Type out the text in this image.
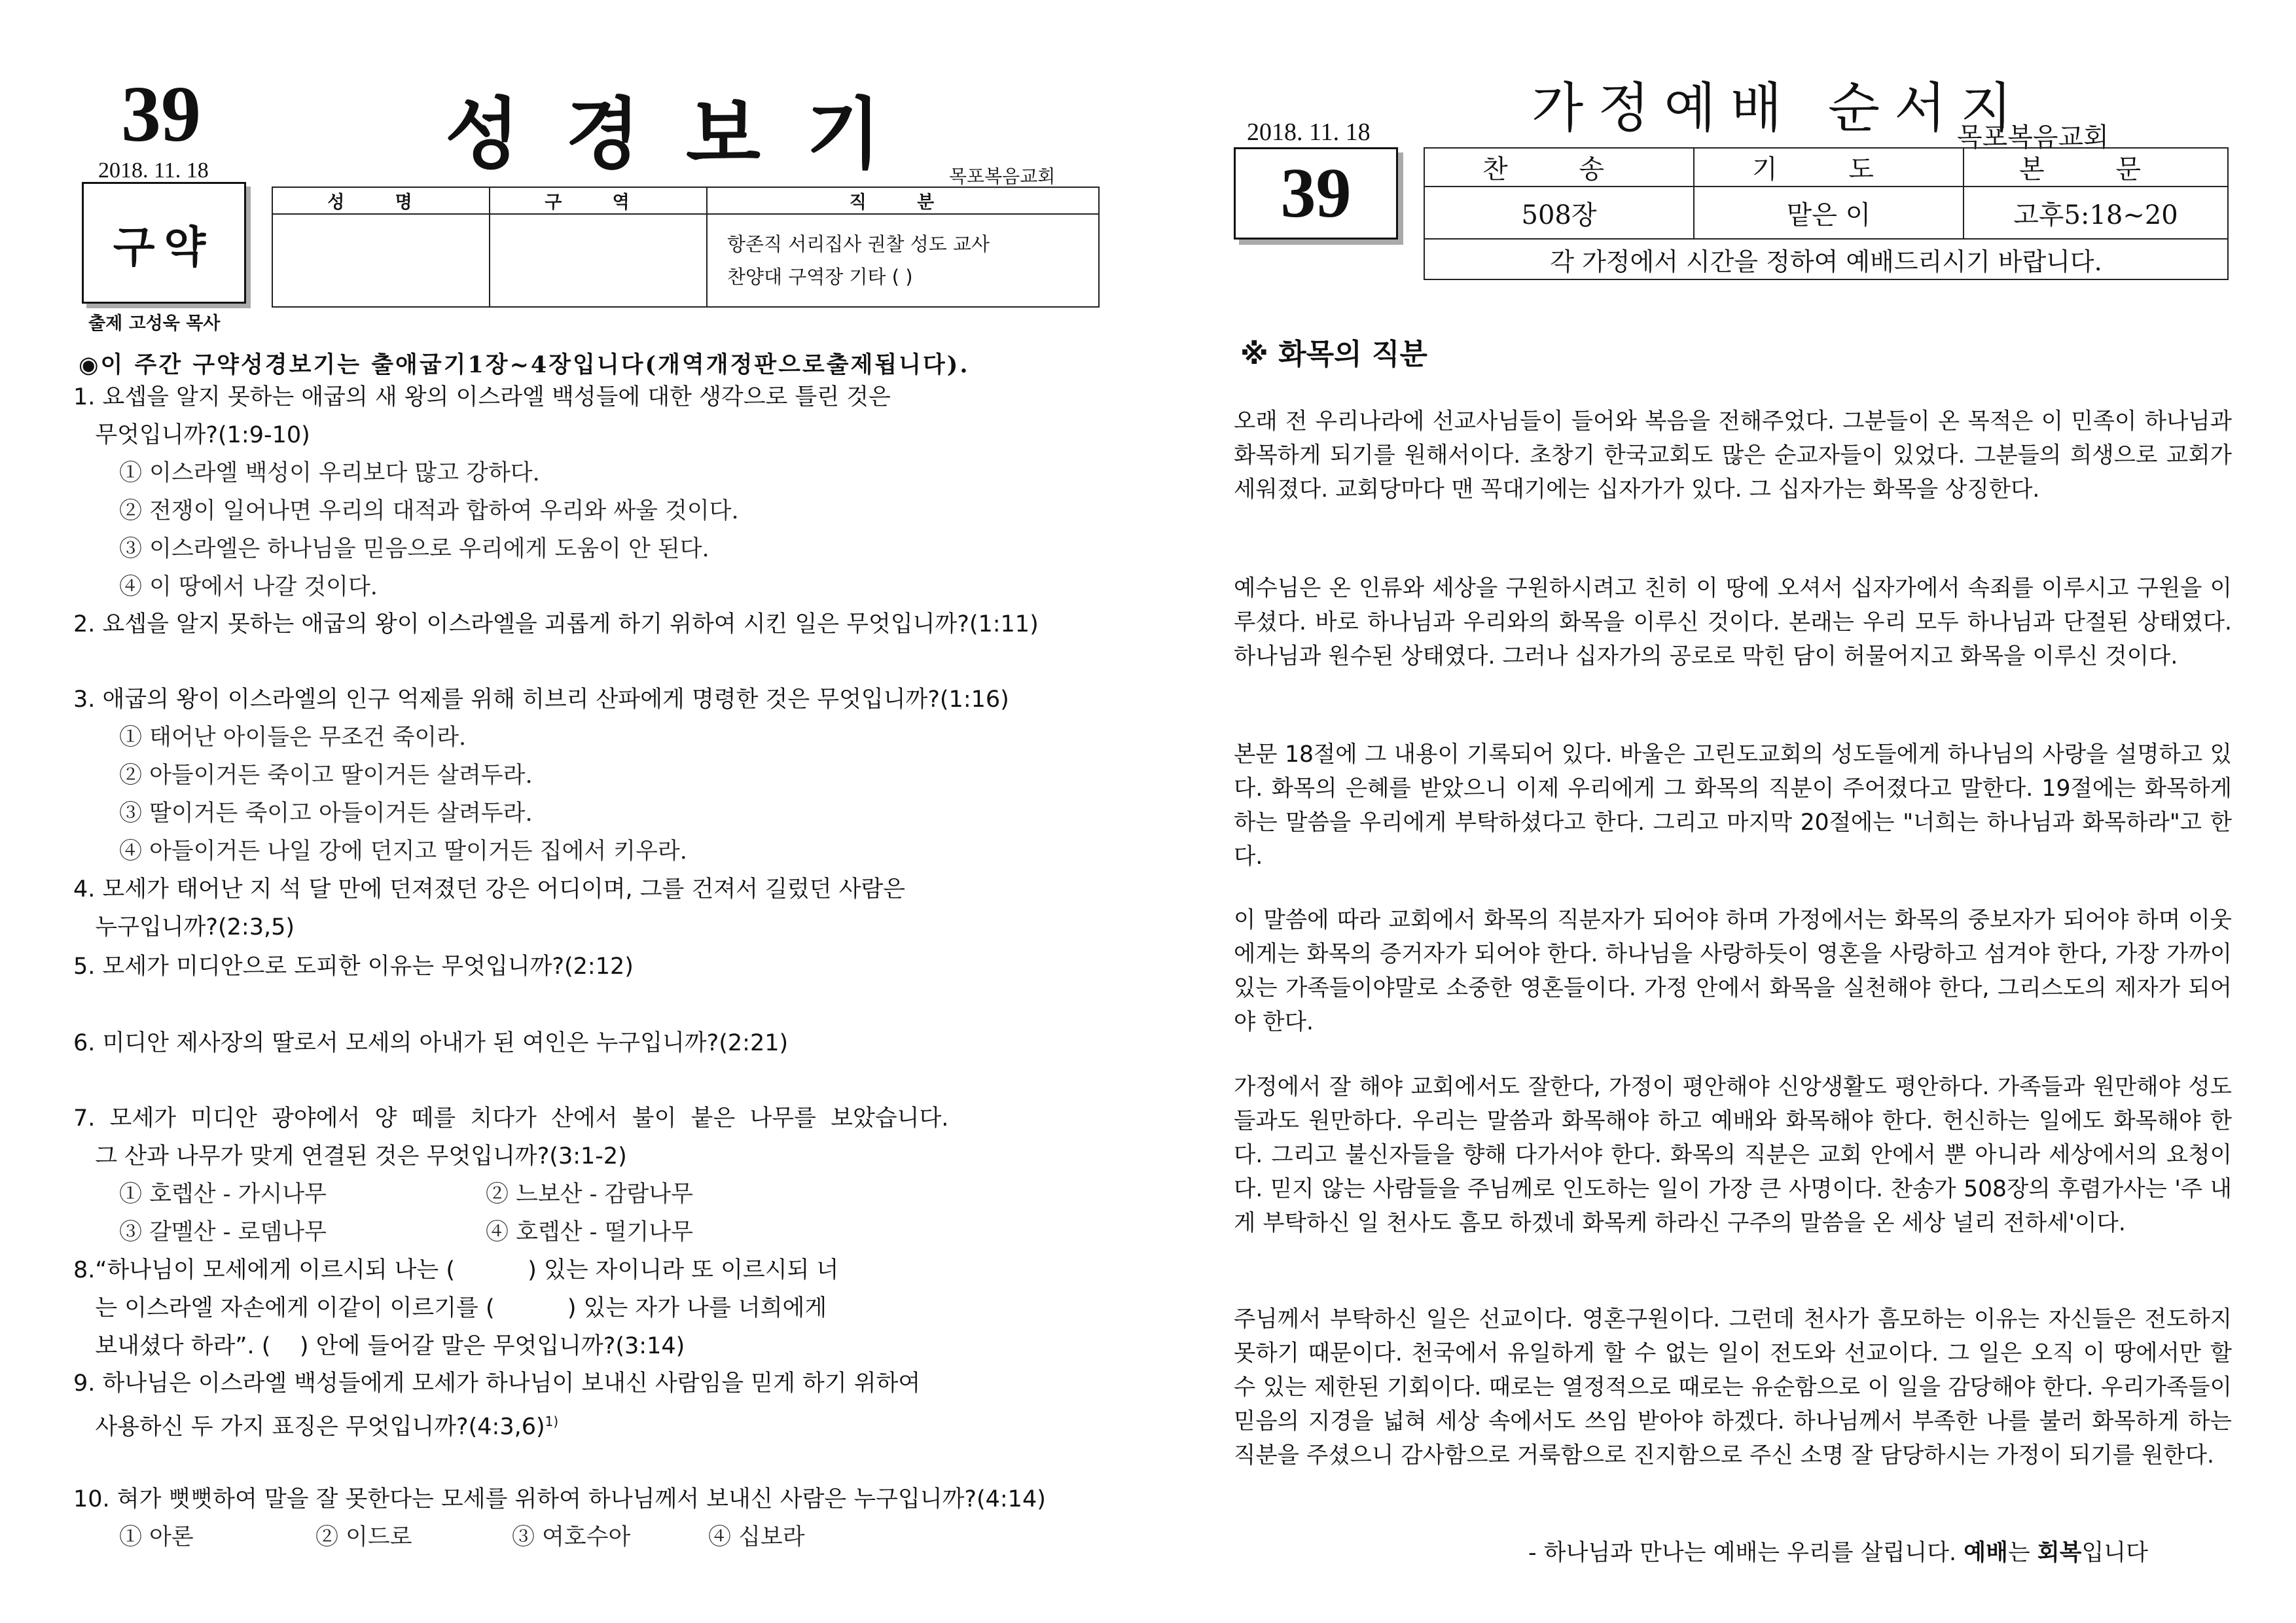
39	성경보기
2018. 11. 18	목포복음교회
구약
출제 고성욱 목사
성 명	구 역	직 분

		항존직 서리집사 권찰 성도 교사
찬양대 구역장 기타 ( )
◉이 주간 구약성경보기는 출애굽기1장~4장입니다(개역개정판으로출제됩니다).
1. 요셉을 알지 못하는 애굽의 새 왕의 이스라엘 백성들에 대한 생각으로 틀린 것은
무엇입니까?(1:9-10)
① 이스라엘 백성이 우리보다 많고 강하다.
② 전쟁이 일어나면 우리의 대적과 합하여 우리와 싸울 것이다.
③ 이스라엘은 하나님을 믿음으로 우리에게 도움이 안 된다.
④ 이 땅에서 나갈 것이다.
2. 요셉을 알지 못하는 애굽의 왕이 이스라엘을 괴롭게 하기 위하여 시킨 일은 무엇입니까?(1:11)
3. 애굽의 왕이 이스라엘의 인구 억제를 위해 히브리 산파에게 명령한 것은 무엇입니까?(1:16)
① 태어난 아이들은 무조건 죽이라.
② 아들이거든 죽이고 딸이거든 살려두라.
③ 딸이거든 죽이고 아들이거든 살려두라.
④ 아들이거든 나일 강에 던지고 딸이거든 집에서 키우라.
4. 모세가 태어난 지 석 달 만에 던져졌던 강은 어디이며, 그를 건져서 길렀던 사람은
누구입니까?(2:3,5)
5. 모세가 미디안으로 도피한 이유는 무엇입니까?(2:12)
6. 미디안 제사장의 딸로서 모세의 아내가 된 여인은 누구입니까?(2:21)
7.  모세가  미디안  광야에서  양  떼를  치다가  산에서  불이  붙은  나무를  보았습니다.
그 산과 나무가 맞게 연결된 것은 무엇입니까?(3:1-2)
① 호렙산 - 가시나무	② 느보산 - 감람나무
③ 갈멜산 - 로뎀나무	④ 호렙산 - 떨기나무
8.“하나님이 모세에게 이르시되 나는 (          ) 있는 자이니라 또 이르시되 너
는 이스라엘 자손에게 이같이 이르기를 (          ) 있는 자가 나를 너희에게
보내셨다 하라”. (    ) 안에 들어갈 말은 무엇입니까?(3:14)
9. 하나님은 이스라엘 백성들에게 모세가 하나님이 보내신 사람임을 믿게 하기 위하여
사용하신 두 가지 표징은 무엇입니까?(4:3,6)$^{1)}$
10. 혀가 뻣뻣하여 말을 잘 못한다는 모세를 위하여 하나님께서 보내신 사람은 누구입니까?(4:14)
① 아론	② 이드로	③ 여호수아	④ 십보라
가정예배 순서지
2018. 11. 18	목포복음교회
39	찬 송	기 도	본 문
508장	맡은 이	고후5:18~20
각 가정에서 시간을 정하여 예배드리시기 바랍니다.		
※ 화목의 직분

오래 전 우리나라에 선교사님들이 들어와 복음을 전해주었다. 그분들이 온 목적은 이 민족이 하나님과 화목하게 되기를 원해서이다. 초창기 한국교회도 많은 순교자들이 있었다. 그분들의 희생으로 교회가 세워졌다. 교회당마다 맨 꼭대기에는 십자가가 있다. 그 십자가는 화목을 상징한다.

예수님은 온 인류와 세상을 구원하시려고 친히 이 땅에 오셔서 십자가에서 속죄를 이루시고 구원을 이루셨다. 바로 하나님과 우리와의 화목을 이루신 것이다. 본래는 우리 모두 하나님과 단절된 상태였다. 하나님과 원수된 상태였다. 그러나 십자가의 공로로 막힌 담이 허물어지고 화목을 이루신 것이다.

본문 18절에 그 내용이 기록되어 있다. 바울은 고린도교회의 성도들에게 하나님의 사랑을 설명하고 있다. 화목의 은혜를 받았으니 이제 우리에게 그 화목의 직분이 주어졌다고 말한다. 19절에는 화목하게 하는 말씀을 우리에게 부탁하셨다고 한다. 그리고 마지막 20절에는 "너희는 하나님과 화목하라"고 한다.

이 말씀에 따라 교회에서 화목의 직분자가 되어야 하며 가정에서는 화목의 중보자가 되어야 하며 이웃에게는 화목의 증거자가 되어야 한다. 하나님을 사랑하듯이 영혼을 사랑하고 섬겨야 한다, 가장 가까이 있는 가족들이야말로 소중한 영혼들이다. 가정 안에서 화목을 실천해야 한다, 그리스도의 제자가 되어야 한다.

가정에서 잘 해야 교회에서도 잘한다, 가정이 평안해야 신앙생활도 평안하다. 가족들과 원만해야 성도들과도 원만하다. 우리는 말씀과 화목해야 하고 예배와 화목해야 한다. 헌신하는 일에도 화목해야 한다. 그리고 불신자들을 향해 다가서야 한다. 화목의 직분은 교회 안에서 뿐 아니라 세상에서의 요청이다. 믿지 않는 사람들을 주님께로 인도하는 일이 가장 큰 사명이다. 찬송가 508장의 후렴가사는 '주 내게 부탁하신 일 천사도 흠모 하겠네 화목케 하라신 구주의 말씀을 온 세상 널리 전하세'이다.

주님께서 부탁하신 일은 선교이다. 영혼구원이다. 그런데 천사가 흠모하는 이유는 자신들은 전도하지 못하기 때문이다. 천국에서 유일하게 할 수 없는 일이 전도와 선교이다. 그 일은 오직 이 땅에서만 할 수 있는 제한된 기회이다. 때로는 열정적으로 때로는 유순함으로 이 일을 감당해야 한다. 우리가족들이 믿음의 지경을 넓혀 세상 속에서도 쓰임 받아야 하겠다. 하나님께서 부족한 나를 불러 화목하게 하는 직분을 주셨으니 감사함으로 거룩함으로 진지함으로 주신 소명 잘 담당하시는 가정이 되기를 원한다.

- 하나님과 만나는 예배는 우리를 살립니다. 예배는 회복입니다
